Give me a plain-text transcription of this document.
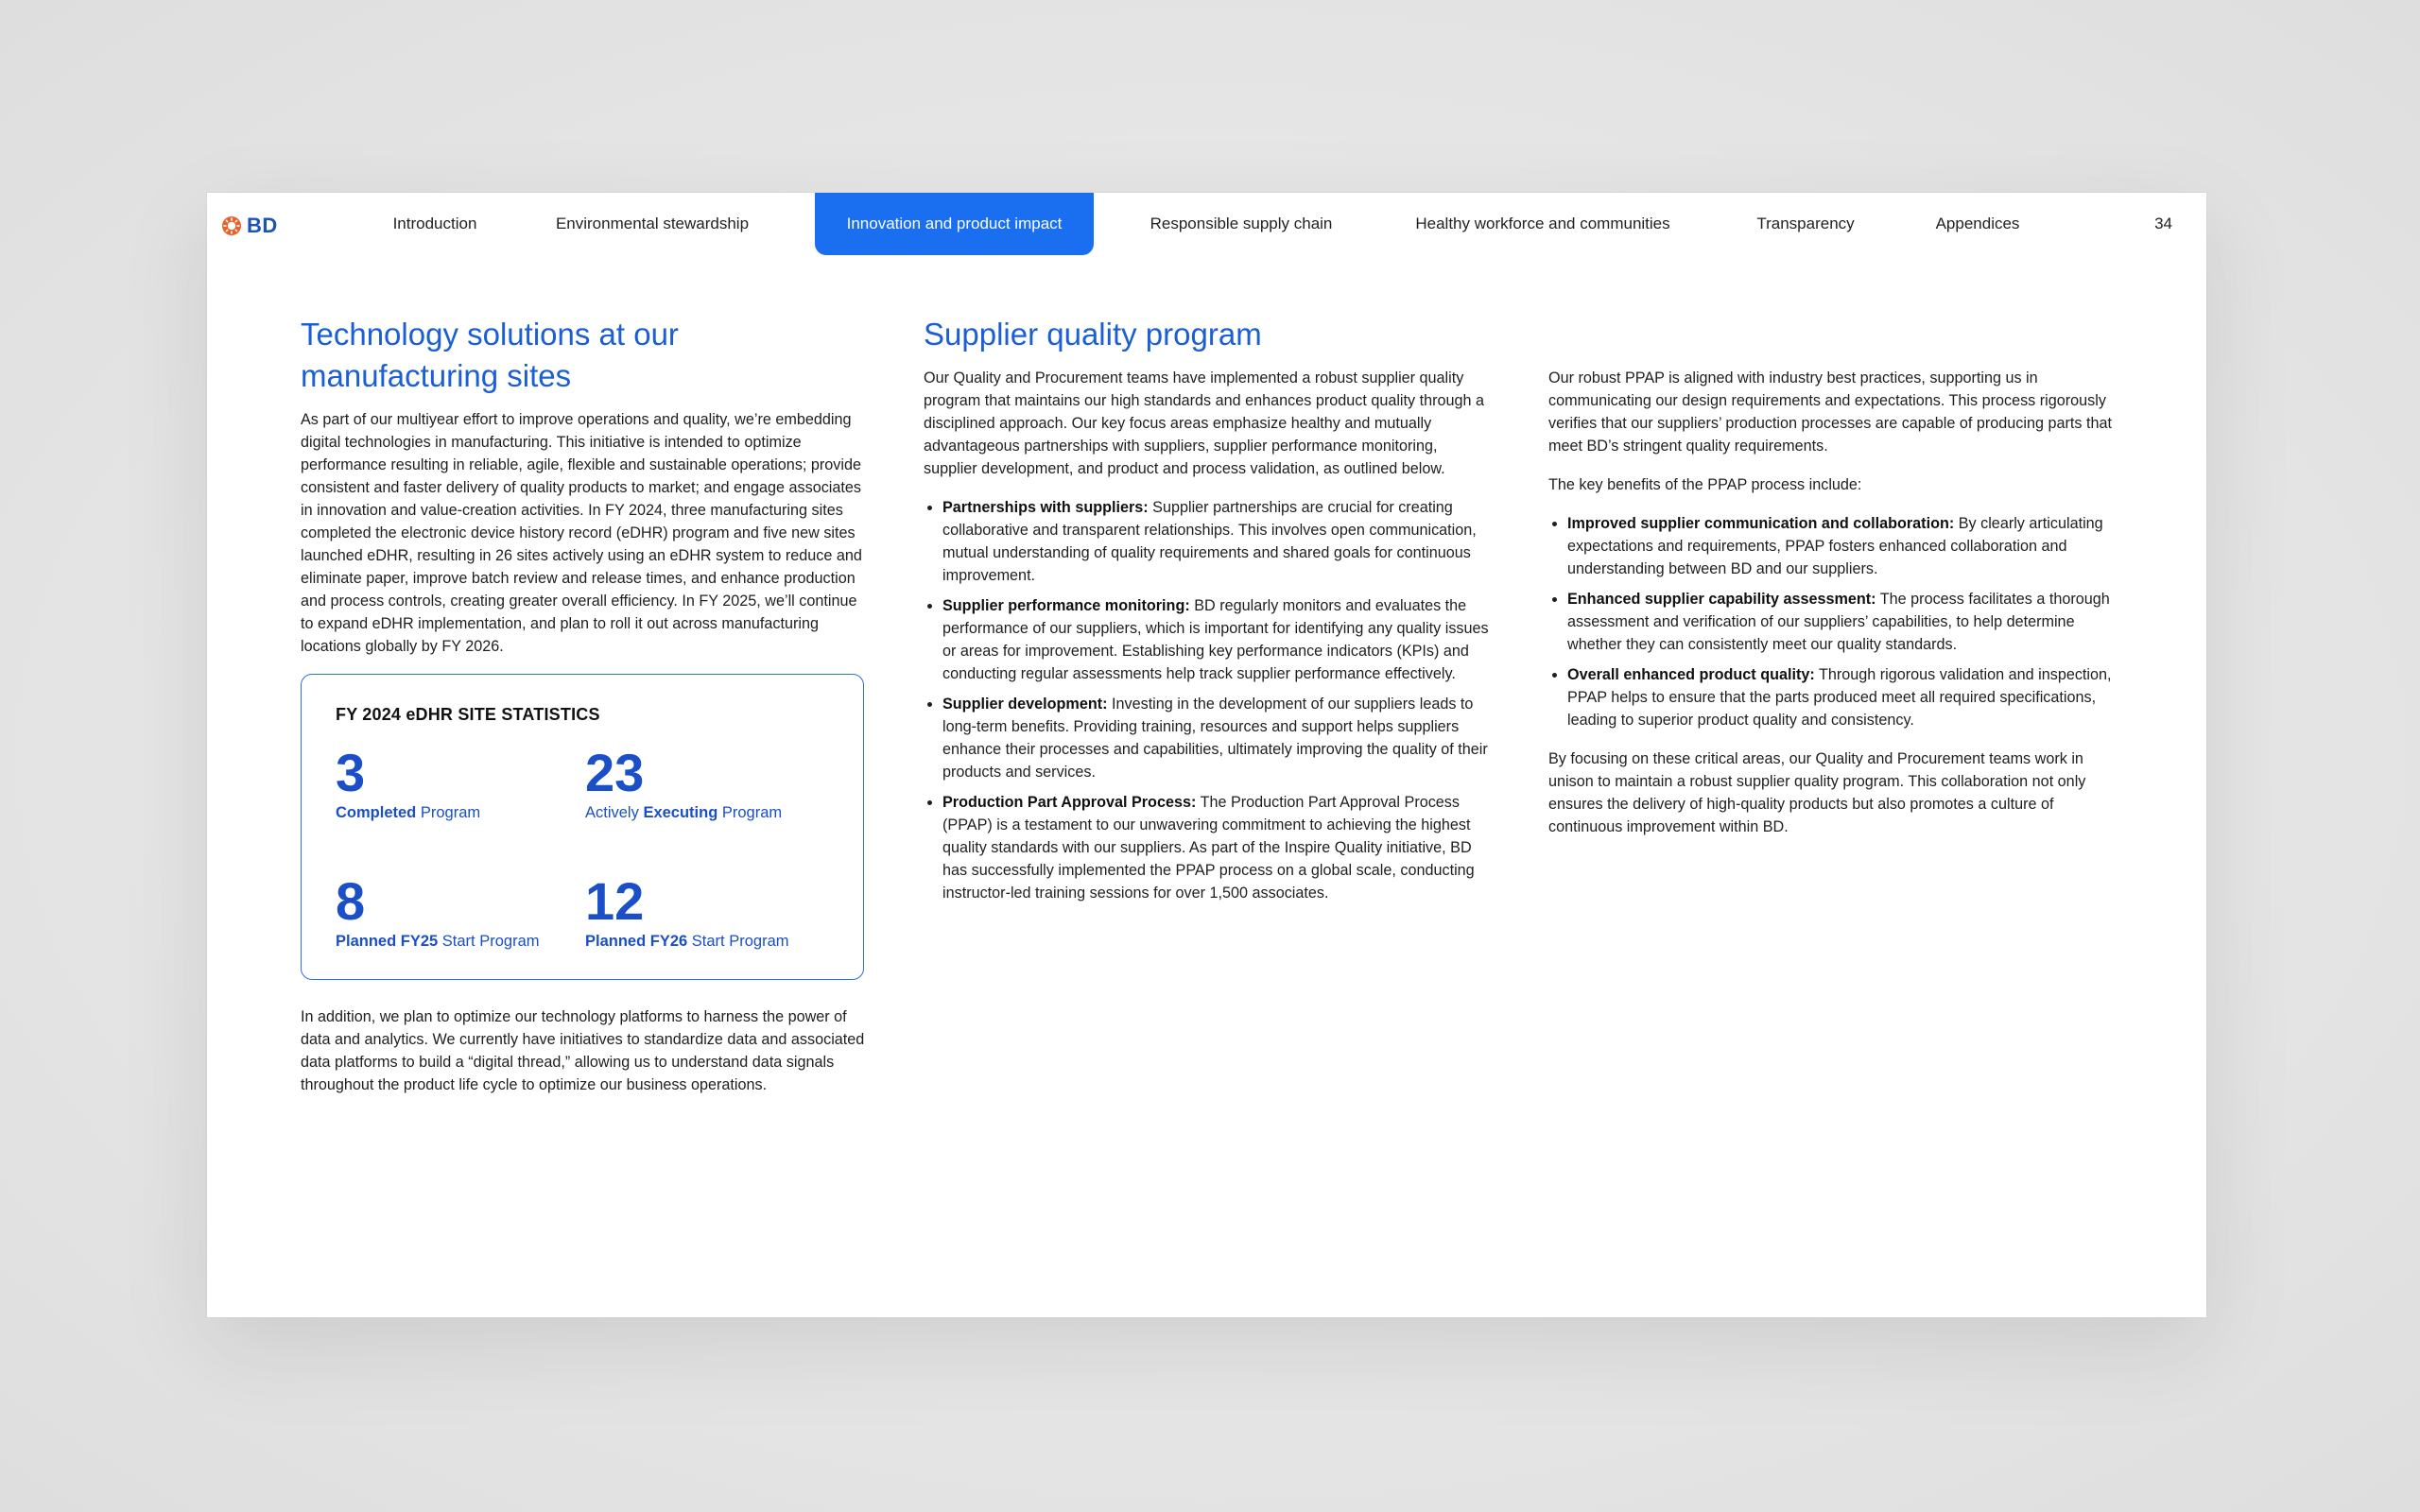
BD	Introduction	Environmental stewardship	Innovation and product impact	Responsible supply chain	Healthy workforce and communities	Transparency	Appendices	34
Technology solutions at our manufacturing sites

As part of our multiyear effort to improve operations and quality, we’re embedding digital technologies in manufacturing. This initiative is intended to optimize performance resulting in reliable, agile, flexible and sustainable operations; provide consistent and faster delivery of quality products to market; and engage associates in innovation and value-creation activities. In FY 2024, three manufacturing sites completed the electronic device history record (eDHR) program and five new sites launched eDHR, resulting in 26 sites actively using an eDHR system to reduce and eliminate paper, improve batch review and release times, and enhance production and process controls, creating greater overall efficiency. In FY 2025, we’ll continue to expand eDHR implementation, and plan to roll it out across manufacturing locations globally by FY 2026.

FY 2024 eDHR SITE STATISTICS
3
Completed Program
23
Actively Executing Program
8
Planned FY25 Start Program
12
Planned FY26 Start Program

In addition, we plan to optimize our technology platforms to harness the power of data and analytics. We currently have initiatives to standardize data and associated data platforms to build a “digital thread,” allowing us to understand data signals throughout the product life cycle to optimize our business operations.

Supplier quality program

Our Quality and Procurement teams have implemented a robust supplier quality program that maintains our high standards and enhances product quality through a disciplined approach. Our key focus areas emphasize healthy and mutually advantageous partnerships with suppliers, supplier performance monitoring, supplier development, and product and process validation, as outlined below.

• Partnerships with suppliers: Supplier partnerships are crucial for creating collaborative and transparent relationships. This involves open communication, mutual understanding of quality requirements and shared goals for continuous improvement.
• Supplier performance monitoring: BD regularly monitors and evaluates the performance of our suppliers, which is important for identifying any quality issues or areas for improvement. Establishing key performance indicators (KPIs) and conducting regular assessments help track supplier performance effectively.
• Supplier development: Investing in the development of our suppliers leads to long-term benefits. Providing training, resources and support helps suppliers enhance their processes and capabilities, ultimately improving the quality of their products and services.
• Production Part Approval Process: The Production Part Approval Process (PPAP) is a testament to our unwavering commitment to achieving the highest quality standards with our suppliers. As part of the Inspire Quality initiative, BD has successfully implemented the PPAP process on a global scale, conducting instructor-led training sessions for over 1,500 associates.

Our robust PPAP is aligned with industry best practices, supporting us in communicating our design requirements and expectations. This process rigorously verifies that our suppliers’ production processes are capable of producing parts that meet BD’s stringent quality requirements.

The key benefits of the PPAP process include:

• Improved supplier communication and collaboration: By clearly articulating expectations and requirements, PPAP fosters enhanced collaboration and understanding between BD and our suppliers.
• Enhanced supplier capability assessment: The process facilitates a thorough assessment and verification of our suppliers’ capabilities, to help determine whether they can consistently meet our quality standards.
• Overall enhanced product quality: Through rigorous validation and inspection, PPAP helps to ensure that the parts produced meet all required specifications, leading to superior product quality and consistency.

By focusing on these critical areas, our Quality and Procurement teams work in unison to maintain a robust supplier quality program. This collaboration not only ensures the delivery of high-quality products but also promotes a culture of continuous improvement within BD.
